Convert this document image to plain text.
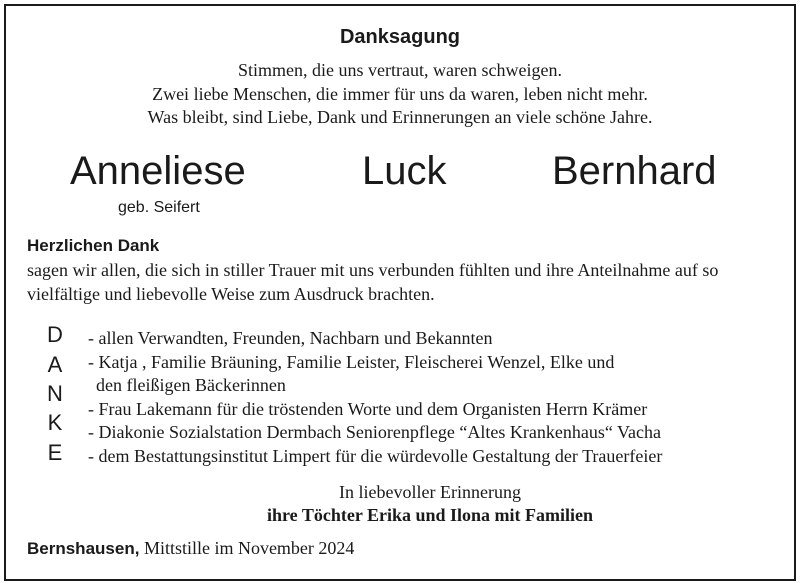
Danksagung
Stimmen, die uns vertraut, waren schweigen.
Zwei liebe Menschen, die immer für uns da waren, leben nicht mehr.
Was bleibt, sind Liebe, Dank und Erinnerungen an viele schöne Jahre.
Anneliese	Luck	Bernhard
geb. Seifert
Herzlichen Dank
sagen wir allen, die sich in stiller Trauer mit uns verbunden fühlten und ihre Anteilnahme auf so
vielfältige und liebevolle Weise zum Ausdruck brachten.
D
A
N
K
E
- allen Verwandten, Freunden, Nachbarn und Bekannten
- Katja , Familie Bräuning, Familie Leister, Fleischerei Wenzel, Elke und
den fleißigen Bäckerinnen
- Frau Lakemann für die tröstenden Worte und dem Organisten Herrn Krämer
- Diakonie Sozialstation Dermbach Seniorenpflege “Altes Krankenhaus“ Vacha
- dem Bestattungsinstitut Limpert für die würdevolle Gestaltung der Trauerfeier
In liebevoller Erinnerung
ihre Töchter Erika und Ilona mit Familien
Bernshausen, Mittstille im November 2024
